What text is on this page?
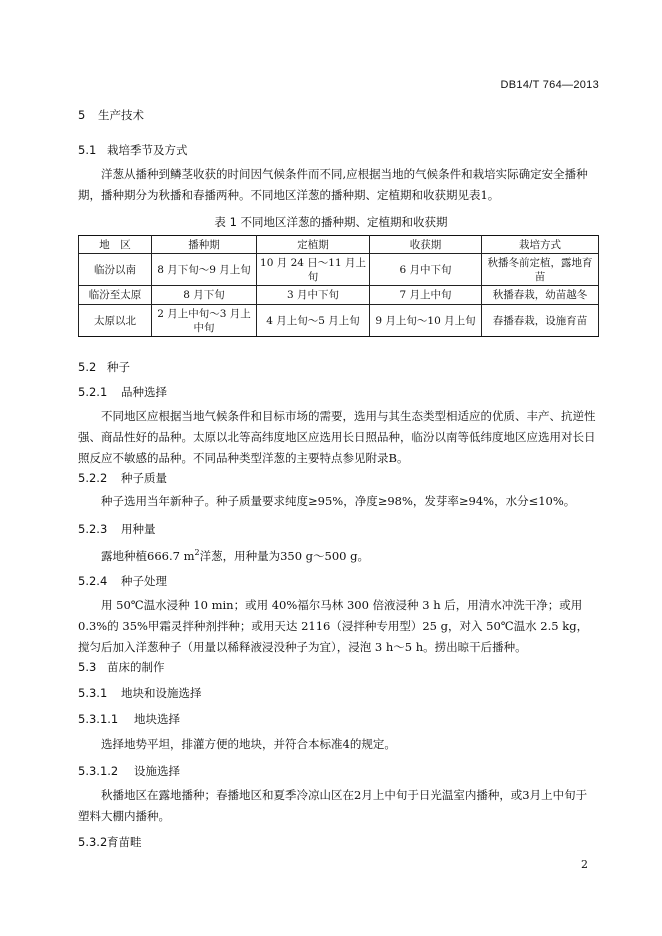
DB14/T 764—2013
5 生产技术
5.1 栽培季节及方式
洋葱从播种到鳞茎收获的时间因气候条件而不同,应根据当地的气候条件和栽培实际确定安全播种期，播种期分为秋播和春播两种。不同地区洋葱的播种期、定植期和收获期见表1。
表 1 不同地区洋葱的播种期、定植期和收获期
地　区	播种期	定植期	收获期	栽培方式
临汾以南	8 月下旬～9 月上旬	10 月 24 日～11 月上旬	6 月中下旬	秋播冬前定植，露地育苗
临汾至太原	8 月下旬	3 月中下旬	7 月上中旬	秋播春栽，幼苗越冬
太原以北	2 月上中旬～3 月上中旬	4 月上旬～5 月上旬	9 月上旬～10 月上旬	春播春栽，设施育苗
5.2 种子
5.2.1 品种选择
不同地区应根据当地气候条件和目标市场的需要，选用与其生态类型相适应的优质、丰产、抗逆性强、商品性好的品种。太原以北等高纬度地区应选用长日照品种，临汾以南等低纬度地区应选用对长日照反应不敏感的品种。不同品种类型洋葱的主要特点参见附录B。
5.2.2 种子质量
种子选用当年新种子。种子质量要求纯度≥95%，净度≥98%，发芽率≥94%，水分≤10%。
5.2.3 用种量
露地种植666.7 $m^2$洋葱，用种量为350 g～500 g。
5.2.4 种子处理
用 50℃温水浸种 10 min；或用 40%福尔马林 300 倍液浸种 3 h 后，用清水冲洗干净；或用 0.3%的 35%甲霜灵拌种剂拌种；或用天达 2116（浸拌种专用型）25 g，对入 50℃温水 2.5 kg，搅匀后加入洋葱种子（用量以稀释液浸没种子为宜），浸泡 3 h～5 h。捞出晾干后播种。
5.3 苗床的制作
5.3.1 地块和设施选择
5.3.1.1 地块选择
选择地势平坦，排灌方便的地块，并符合本标准4的规定。
5.3.1.2 设施选择
秋播地区在露地播种；春播地区和夏季冷凉山区在2月上中旬于日光温室内播种，或3月上中旬于塑料大棚内播种。
5.3.2育苗畦
2
